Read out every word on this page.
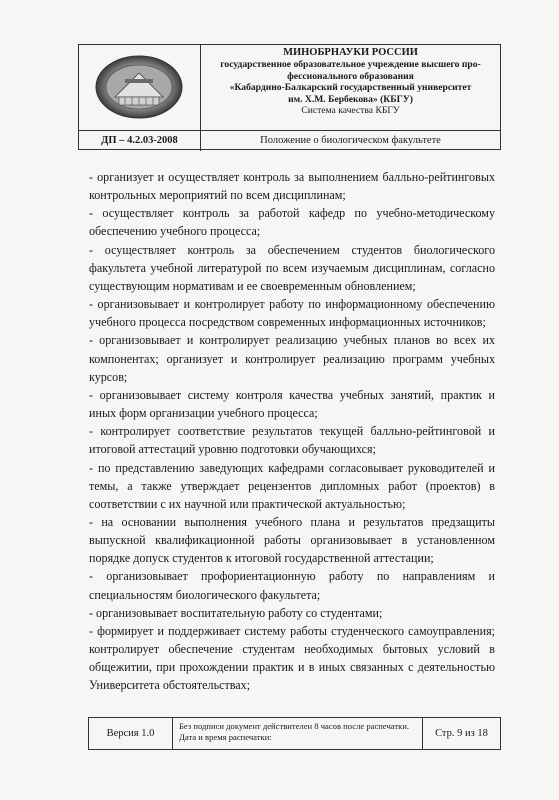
ДП – 4.2.03-2008
МИНОБРНАУКИ РОССИИ
государственное образовательное учреждение высшего про-
фессионального образования
«Кабардино-Балкарский государственный университет
им. Х.М. Бербекова» (КБГУ)
Система качества КБГУ
Положение о биологическом факультете

- организует и осуществляет контроль за выполнением балльно-рейтинговых контрольных мероприятий по всем дисциплинам;

- осуществляет контроль за работой кафедр по учебно-методическому обеспечению учебного процесса;

- осуществляет контроль за обеспечением студентов биологического факультета учебной литературой по всем изучаемым дисциплинам, согласно существующим нормативам и ее своевременным обновлением;

- организовывает и контролирует работу по информационному обеспечению учебного процесса посредством современных информационных источников;

- организовывает и контролирует реализацию учебных планов во всех их компонентах; организует и контролирует реализацию программ учебных курсов;

- организовывает систему контроля качества учебных занятий, практик и иных форм организации учебного процесса;

- контролирует соответствие результатов текущей балльно-рейтинговой и итоговой аттестаций уровню подготовки обучающихся;

- по представлению заведующих кафедрами согласовывает руководителей и темы, а также утверждает рецензентов дипломных работ (проектов) в соответствии с их научной или практической актуальностью;

- на основании выполнения учебного плана и результатов предзащиты выпускной квалификационной работы организовывает в установленном порядке допуск студентов к итоговой государственной аттестации;

- организовывает профориентационную работу по направлениям и специальностям биологического факультета;

- организовывает воспитательную работу со студентами;

- формирует и поддерживает систему работы студенческого самоуправления; контролирует обеспечение студентам необходимых бытовых условий в общежитии, при прохождении практик и в иных связанных с деятельностью Университета обстоятельствах;

Версия 1.0
Без подписи документ действителен 8 часов после распечатки.
Дата и время распечатки:	Стр. 9 из 18
